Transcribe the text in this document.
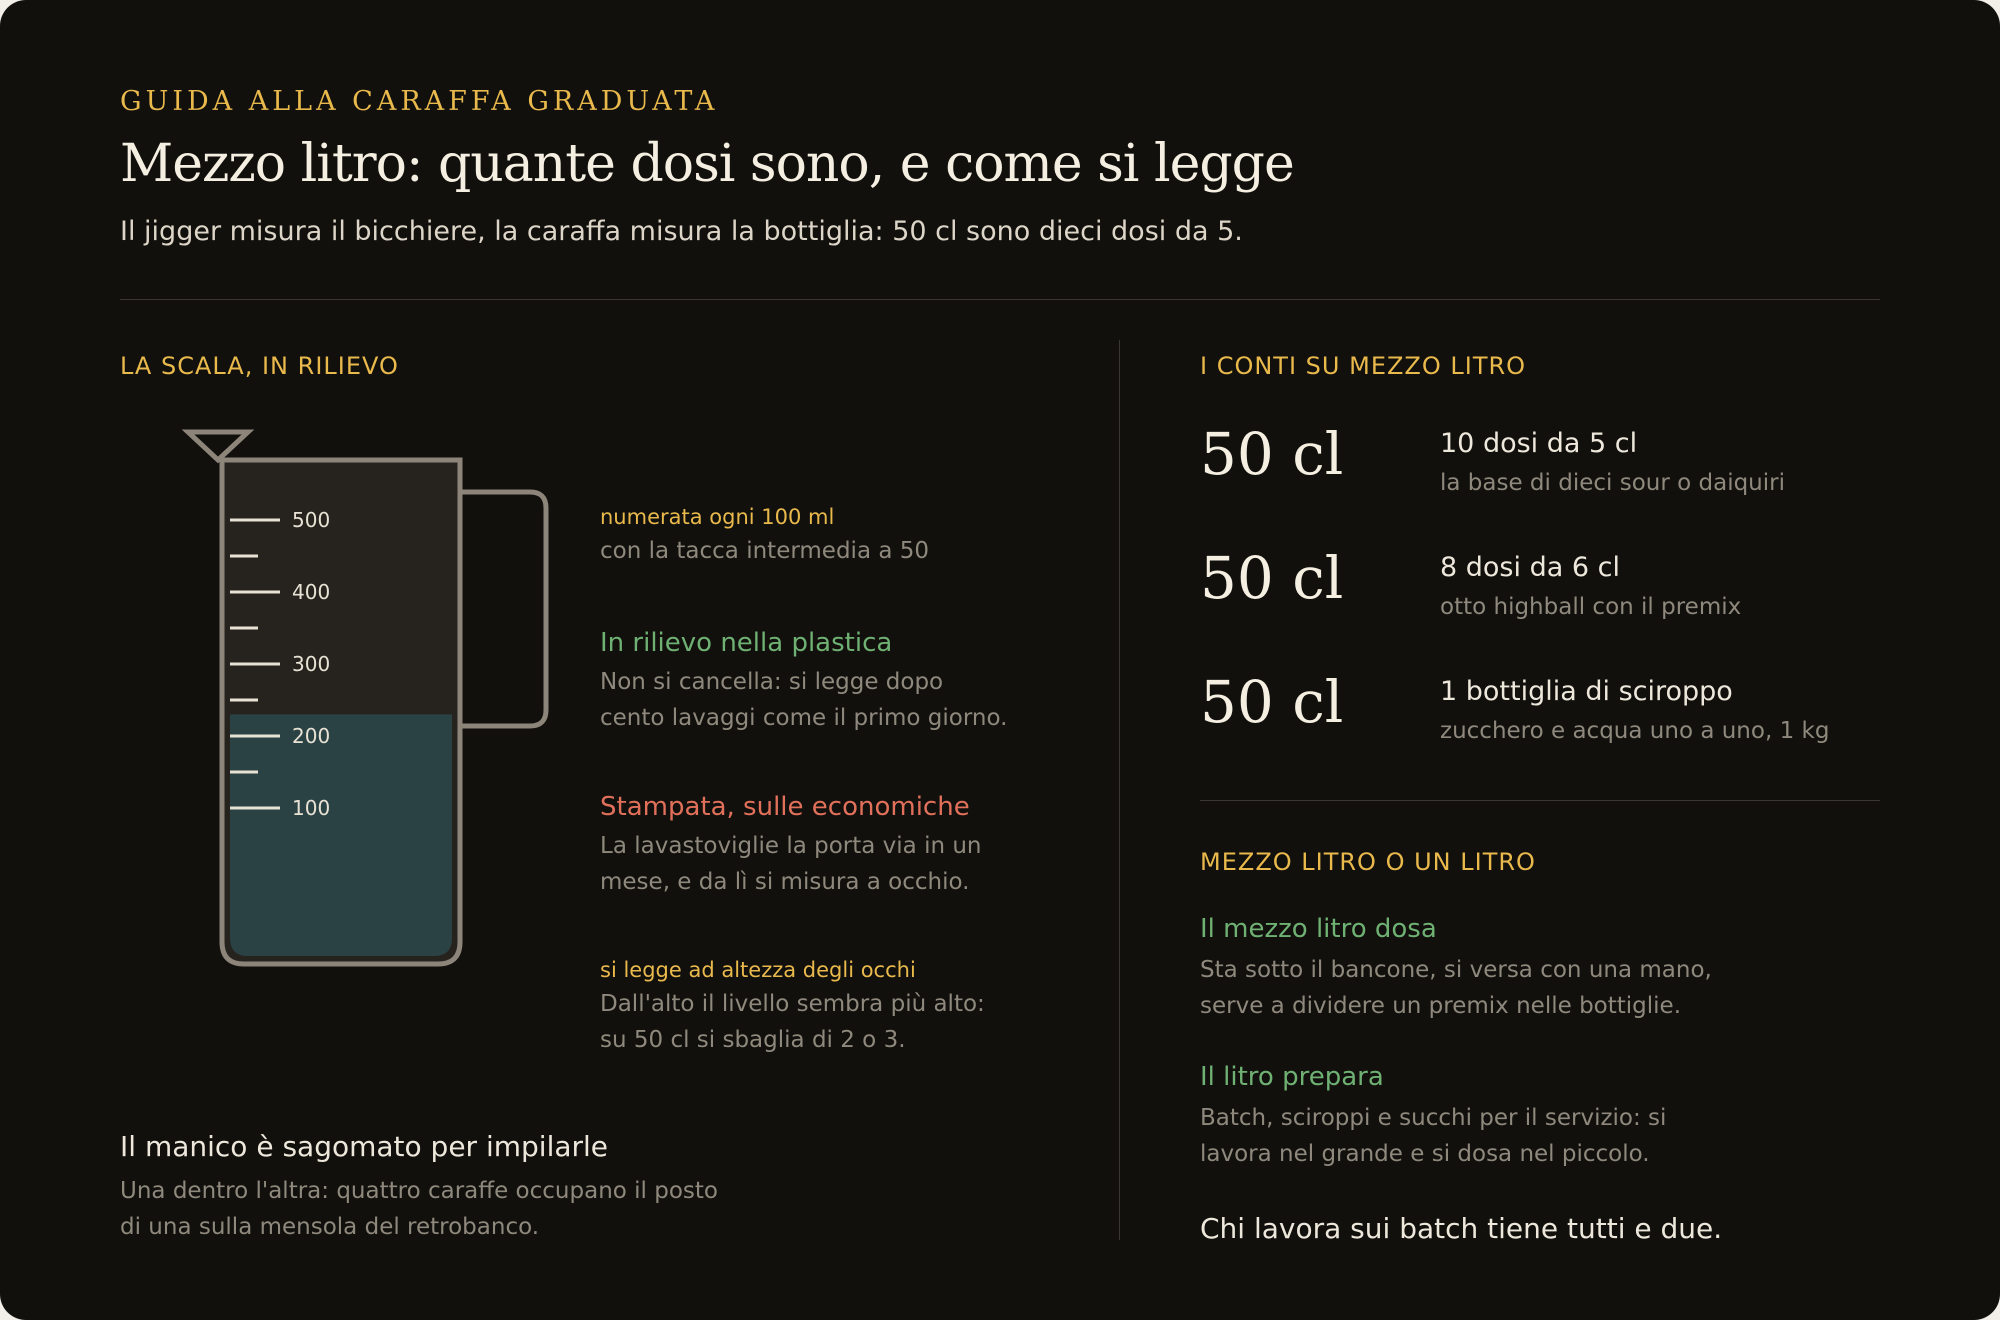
GUIDA ALLA CARAFFA GRADUATA
Mezzo litro: quante dosi sono, e come si legge

Il jigger misura il bicchiere, la caraffa misura la bottiglia: 50 cl sono dieci dosi da 5.

LA SCALA, IN RILIEVO
100
200
300
400
500	numerata ogni 100 ml

con la tacca intermedia a 50

In rilievo nella plastica

Non si cancella: si legge dopo
cento lavaggi come il primo giorno.

Stampata, sulle economiche

La lavastoviglie la porta via in un
mese, e da lì si misura a occhio.

si legge ad altezza degli occhi

Dall'alto il livello sembra più alto:
su 50 cl si sbaglia di 2 o 3.

Il manico è sagomato per impilarle

Una dentro l'altra: quattro caraffe occupano il posto
di una sulla mensola del retrobanco.

I CONTI SU MEZZO LITRO

50 cl	10 dosi da 5 cl

la base di dieci sour o daiquiri

50 cl	8 dosi da 6 cl

otto highball con il premix

50 cl	1 bottiglia di sciroppo

zucchero e acqua uno a uno, 1 kg

MEZZO LITRO O UN LITRO

Il mezzo litro dosa

Sta sotto il bancone, si versa con una mano,
serve a dividere un premix nelle bottiglie.

Il litro prepara

Batch, sciroppi e succhi per il servizio: si
lavora nel grande e si dosa nel piccolo.

Chi lavora sui batch tiene tutti e due.
